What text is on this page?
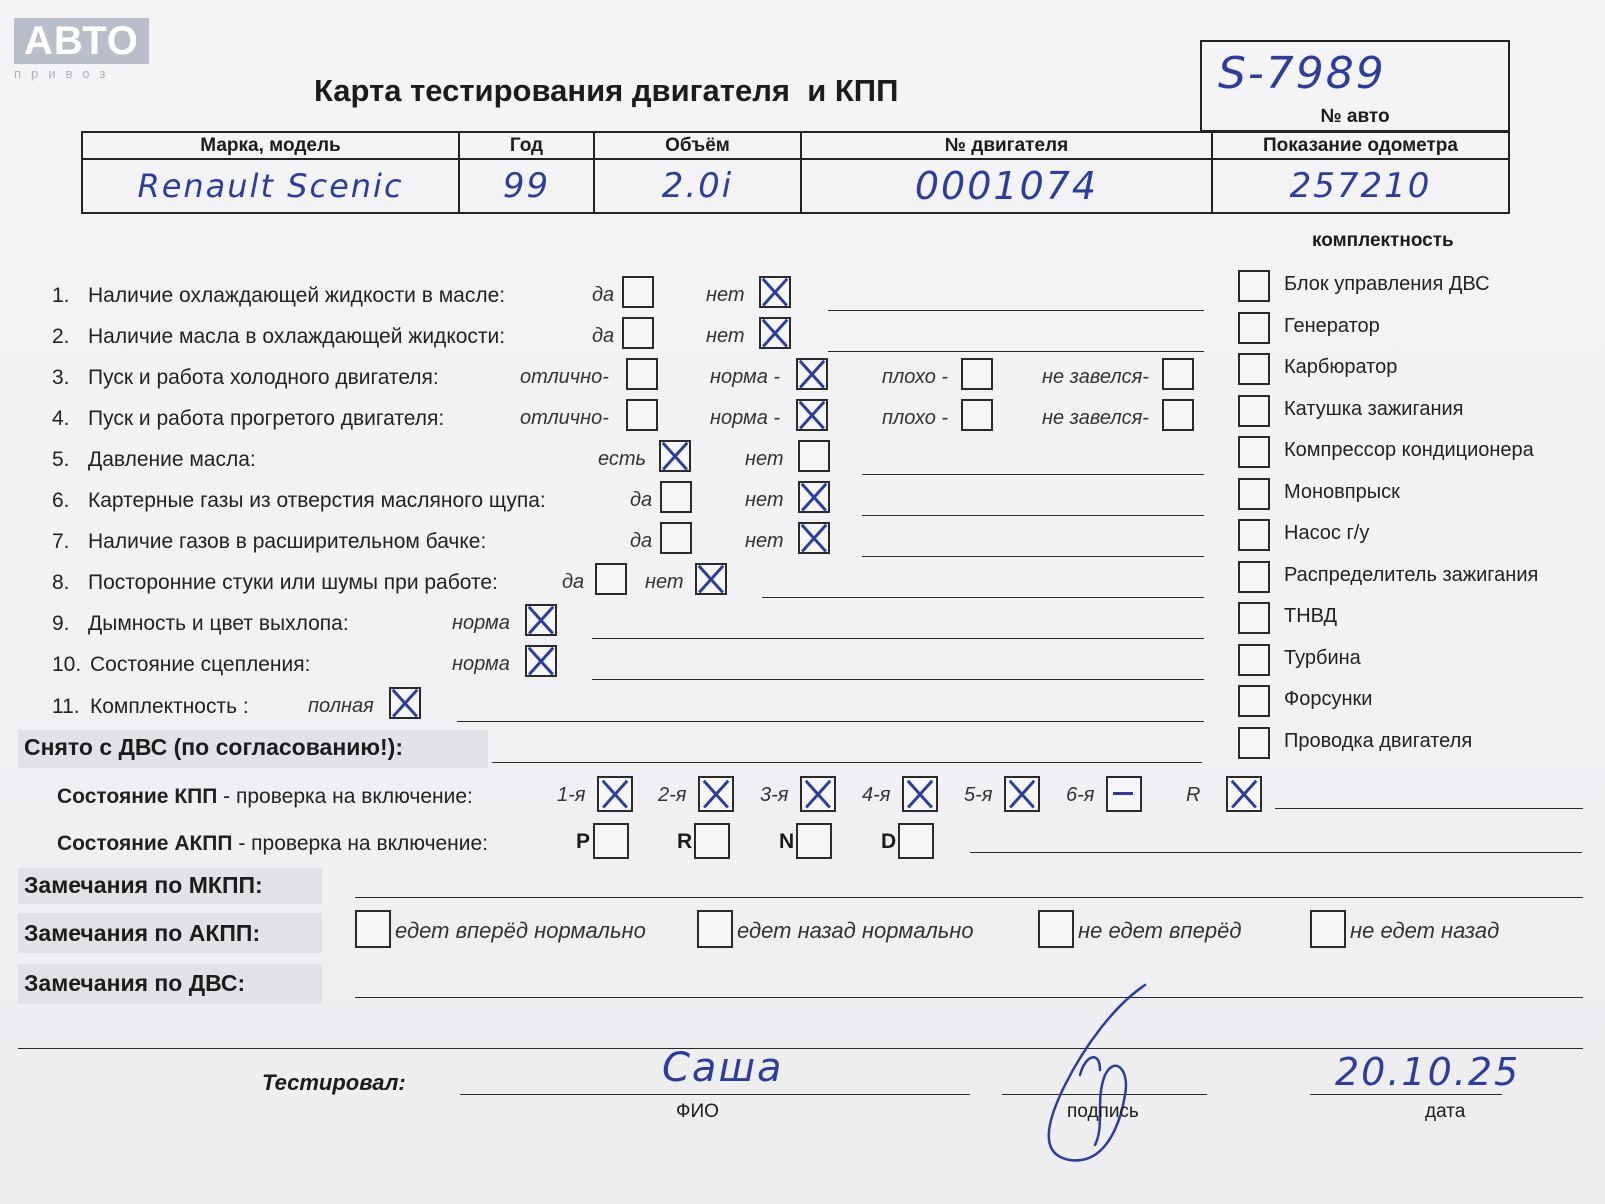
АВТО
привоз	Карта тестирования двигателя  и КПП	S-7989
№ авто
Марка, модель	Год	Объём	№ двигателя	Показание одометра
Renault Scenic	99	2.0i	0001074	257210
1. Наличие охлаждающей жидкости в масле:	да	нет
2. Наличие масла в охлаждающей жидкости:	да	нет
3. Пуск и работа холодного двигателя:	отлично-	норма -	плохо -	не завелся-
4. Пуск и работа прогретого двигателя:	отлично-	норма -	плохо -	не завелся-
5. Давление масла:	есть	нет
6. Картерные газы из отверстия масляного щупа:	да	нет
7. Наличие газов в расширительном бачке:	да	нет
8. Посторонние стуки или шумы при работе:	да	нет
9. Дымность и цвет выхлопа:	норма
10. Состояние сцепления:	норма
11. Комплектность :	полная
комплектность
Блок управления ДВС
Генератор
Карбюратор
Катушка зажигания
Компрессор кондиционера
Моновпрыск
Насос г/у
Распределитель зажигания
ТНВД
Турбина
Форсунки
Проводка двигателя
Снято с ДВС (по согласованию!):
Состояние КПП - проверка на включение:	1-я	2-я	3-я	4-я	5-я	6-я	R
Состояние АКПП - проверка на включение:	P	R	N	D
Замечания по МКПП:
Замечания по АКПП:	едет вперёд нормально	едет назад нормально	не едет вперёд	не едет назад
Замечания по ДВС:
Тестировал:	Саша
ФИО	подпись
20.10.25
дата
